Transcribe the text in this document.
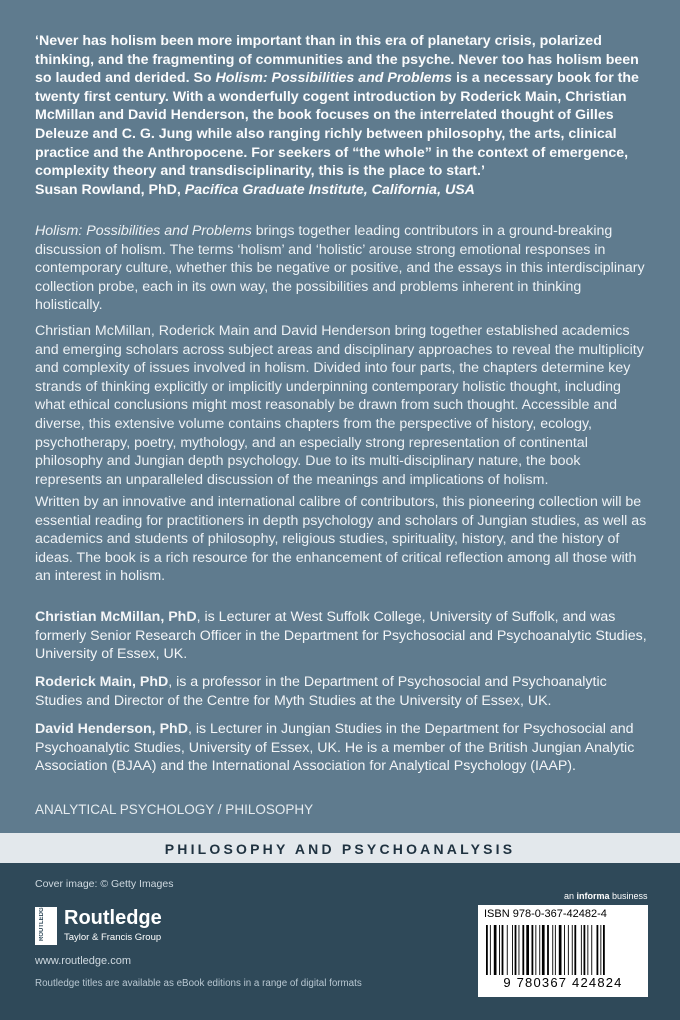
‘Never has holism been more important than in this era of planetary crisis, polarized thinking, and the fragmenting of communities and the psyche. Never too has holism been so lauded and derided. So Holism: Possibilities and Problems is a necessary book for the twenty first century. With a wonderfully cogent introduction by Roderick Main, Christian McMillan and David Henderson, the book focuses on the interrelated thought of Gilles Deleuze and C. G. Jung while also ranging richly between philosophy, the arts, clinical practice and the Anthropocene. For seekers of “the whole” in the context of emergence, complexity theory and transdisciplinarity, this is the place to start.’
Susan Rowland, PhD, Pacifica Graduate Institute, California, USA
Holism: Possibilities and Problems brings together leading contributors in a ground-breaking discussion of holism. The terms ‘holism’ and ‘holistic’ arouse strong emotional responses in contemporary culture, whether this be negative or positive, and the essays in this interdisciplinary collection probe, each in its own way, the possibilities and problems inherent in thinking holistically.
Christian McMillan, Roderick Main and David Henderson bring together established academics and emerging scholars across subject areas and disciplinary approaches to reveal the multiplicity and complexity of issues involved in holism. Divided into four parts, the chapters determine key strands of thinking explicitly or implicitly underpinning contemporary holistic thought, including what ethical conclusions might most reasonably be drawn from such thought. Accessible and diverse, this extensive volume contains chapters from the perspective of history, ecology, psychotherapy, poetry, mythology, and an especially strong representation of continental philosophy and Jungian depth psychology. Due to its multi-disciplinary nature, the book represents an unparalleled discussion of the meanings and implications of holism.
Written by an innovative and international calibre of contributors, this pioneering collection will be essential reading for practitioners in depth psychology and scholars of Jungian studies, as well as academics and students of philosophy, religious studies, spirituality, history, and the history of ideas. The book is a rich resource for the enhancement of critical reflection among all those with an interest in holism.
Christian McMillan, PhD, is Lecturer at West Suffolk College, University of Suffolk, and was formerly Senior Research Officer in the Department for Psychosocial and Psychoanalytic Studies, University of Essex, UK.
Roderick Main, PhD, is a professor in the Department of Psychosocial and Psychoanalytic Studies and Director of the Centre for Myth Studies at the University of Essex, UK.
David Henderson, PhD, is Lecturer in Jungian Studies in the Department for Psychosocial and Psychoanalytic Studies, University of Essex, UK. He is a member of the British Jungian Analytic Association (BJAA) and the International Association for Analytical Psychology (IAAP).
ANALYTICAL PSYCHOLOGY / PHILOSOPHY
PHILOSOPHY AND PSYCHOANALYSIS
Cover image: © Getty Images
ROUTLEDGE Routledge
Taylor & Francis Group
www.routledge.com
Routledge titles are available as eBook editions in a range of digital formats
an informa business
ISBN 978-0-367-42482-4
9 780367 424824
